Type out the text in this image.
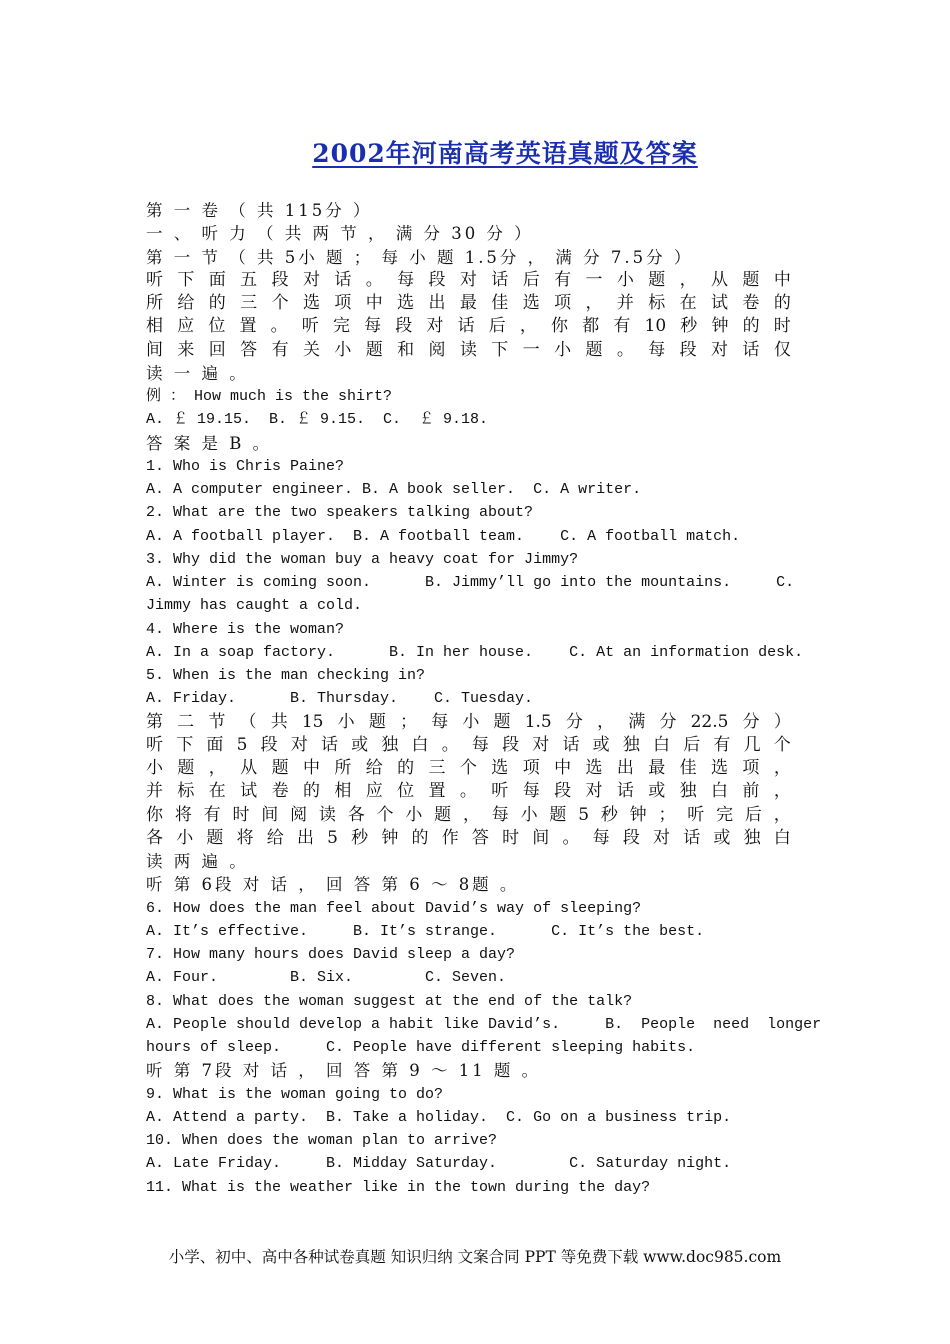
2002年河南高考英语真题及答案
第 一 卷 （ 共 115分 ）
一 、 听 力 （ 共 两 节 ， 满 分 30 分 ）
第 一 节 （ 共 5小 题 ； 每 小 题 1.5分 ， 满 分 7.5分 ）
听 下 面 五 段 对 话 。 每 段 对 话 后 有 一 小 题 ， 从 题 中
所 给 的 三 个 选 项 中 选 出 最 佳 选 项 ， 并 标 在 试 卷 的
相 应 位 置 。 听 完 每 段 对 话 后 ， 你 都 有 10 秒 钟 的 时
间 来 回 答 有 关 小 题 和 阅 读 下 一 小 题 。 每 段 对 话 仅
读 一 遍 。
例 ： How much is the shirt?
A. ￡ 19.15.  B. ￡ 9.15.  C.  ￡ 9.18.
答 案 是 B 。
1. Who is Chris Paine?
A. A computer engineer. B. A book seller.  C. A writer.
2. What are the two speakers talking about?
A. A football player.  B. A football team.    C. A football match.
3. Why did the woman buy a heavy coat for Jimmy?
A. Winter is coming soon.      B. Jimmy’ll go into the mountains.     C.
Jimmy has caught a cold.
4. Where is the woman?
A. In a soap factory.      B. In her house.    C. At an information desk.
5. When is the man checking in?
A. Friday.      B. Thursday.    C. Tuesday.
第 二 节 （ 共 15 小 题 ； 每 小 题 1.5 分 ， 满 分 22.5 分 ）
听 下 面 5 段 对 话 或 独 白 。 每 段 对 话 或 独 白 后 有 几 个
小 题 ， 从 题 中 所 给 的 三 个 选 项 中 选 出 最 佳 选 项 ，
并 标 在 试 卷 的 相 应 位 置 。 听 每 段 对 话 或 独 白 前 ，
你 将 有 时 间 阅 读 各 个 小 题 ， 每 小 题 5 秒 钟 ； 听 完 后 ，
各 小 题 将 给 出 5 秒 钟 的 作 答 时 间 。 每 段 对 话 或 独 白
读 两 遍 。
听 第 6段 对 话 ， 回 答 第 6 ～ 8题 。
6. How does the man feel about David’s way of sleeping?
A. It’s effective.     B. It’s strange.      C. It’s the best.
7. How many hours does David sleep a day?
A. Four.        B. Six.        C. Seven.
8. What does the woman suggest at the end of the talk?
A. People should develop a habit like David’s.     B.  People  need  longer
hours of sleep.     C. People have different sleeping habits.
听 第 7段 对 话 ， 回 答 第 9 ～ 11 题 。
9. What is the woman going to do?
A. Attend a party.  B. Take a holiday.  C. Go on a business trip.
10. When does the woman plan to arrive?
A. Late Friday.     B. Midday Saturday.        C. Saturday night.
11. What is the weather like in the town during the day?
小学、初中、高中各种试卷真题 知识归纳 文案合同 PPT 等免费下载 www.doc985.com
